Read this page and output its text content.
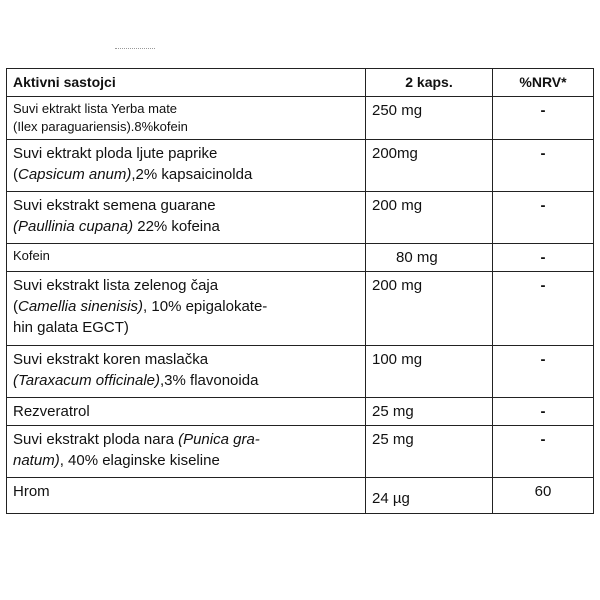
Aktivni sastojci	2 kaps.	%NRV*
Suvi ektrakt lista Yerba mate
(Ilex paraguariensis).8%kofein	250 mg	-
Suvi ektrakt ploda ljute paprike
(Capsicum anum),2% kapsaicinolda	200mg	-
Suvi ekstrakt semena guarane
(Paullinia cupana) 22% kofeina	200 mg	-
Kofein	80 mg	-
Suvi ekstrakt lista zelenog čaja
(Camellia sinenisis), 10% epigalokate-
hin galata EGCT)	200 mg	-
Suvi ekstrakt koren maslačka
(Taraxacum officinale),3% flavonoida	100 mg	-
Rezveratrol	25 mg	-
Suvi ekstrakt ploda nara (Punica gra-
natum), 40% elaginske kiseline	25 mg	-
Hrom	24 µg	60
